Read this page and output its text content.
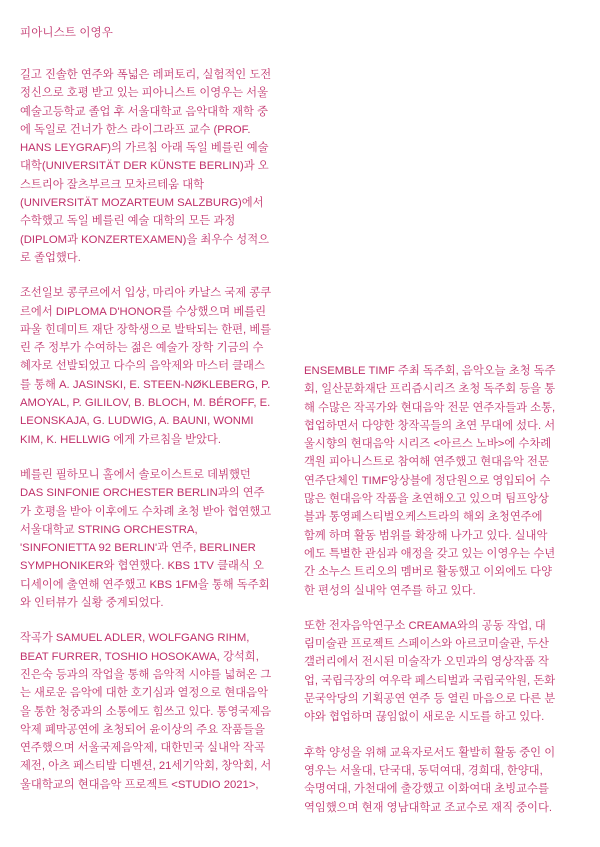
피아니스트 이영우

길고 진솔한 연주와 폭넓은 레퍼토리, 실험적인 도전 정신으로 호평 받고 있는 피아니스트 이영우는 서울예술고등학교 졸업 후 서울대학교 음악대학 재학 중에 독일로 건너가 한스 라이그라프 교수 (PROF. HANS LEYGRAF)의 가르침 아래 독일 베를린 예술 대학(UNIVERSITÄT DER KÜNSTE BERLIN)과 오스트리아 잘츠부르크 모차르테움 대학 (UNIVERSITÄT MOZARTEUM SALZBURG)에서 수학했고 독일 베를린 예술 대학의 모든 과정(DIPLOM과 KONZERTEXAMEN)을 최우수 성적으로 졸업했다.

조선일보 콩쿠르에서 입상, 마리아 카날스 국제 콩쿠르에서 DIPLOMA D'HONOR를 수상했으며 베를린 파울 힌데미트 재단 장학생으로 발탁되는 한편, 베를린 주 정부가 수여하는 젊은 예술가 장학 기금의 수혜자로 선발되었고 다수의 음악제와 마스터 클래스를 통해 A. JASINSKI, E. STEEN-NØKLEBERG, P. AMOYAL, P. GILILOV, B. BLOCH, M. BÉROFF, E. LEONSKAJA, G. LUDWIG, A. BAUNI, WONMI KIM, K. HELLWIG 에게 가르침을 받았다.

베를린 필하모니 홀에서 솔로이스트로 데뷔했던 DAS SINFONIE ORCHESTER BERLIN과의 연주가 호평을 받아 이후에도 수차례 초청 받아 협연했고 서울대학교 STRING ORCHESTRA, 'SINFONIETTA 92 BERLIN'과 연주, BERLINER SYMPHONIKER와 협연했다. KBS 1TV 클래식 오디세이에 출연해 연주했고 KBS 1FM을 통해 독주회와 인터뷰가 실황 중계되었다.

작곡가 SAMUEL ADLER, WOLFGANG RIHM, BEAT FURRER, TOSHIO HOSOKAWA, 강석희, 진은숙 등과의 작업을 통해 음악적 시야를 넓혀온 그는 새로운 음악에 대한 호기심과 열정으로 현대음악을 통한 청중과의 소통에도 힘쓰고 있다. 통영국제음악제 폐막공연에 초청되어 윤이상의 주요 작품들을 연주했으며 서울국제음악제, 대한민국 실내악 작곡제전, 아츠 페스티발 디벤션, 21세기악회, 창악회, 서울대학교의 현대음악 프로젝트 <STUDIO 2021>,

ENSEMBLE TIMF 주최 독주회, 음악오늘 초청 독주회, 일산문화재단 프리즘시리즈 초청 독주회 등을 통해 수많은 작곡가와 현대음악 전문 연주자들과 소통, 협업하면서 다양한 창작곡들의 초연 무대에 섰다. 서울시향의 현대음악 시리즈 <아르스 노바>에 수차례 객원 피아니스트로 참여해 연주했고 현대음악 전문연주단체인 TIMF앙상블에 정단원으로 영입되어 수많은 현대음악 작품을 초연해오고 있으며 팀프앙상블과 통영페스티벌오케스트라의 해외 초청연주에 함께 하며 활동 범위를 확장해 나가고 있다. 실내악에도 특별한 관심과 애정을 갖고 있는 이영우는 수년간 소누스 트리오의 멤버로 활동했고 이외에도 다양한 편성의 실내악 연주를 하고 있다.

또한 전자음악연구소 CREAMA와의 공동 작업, 대림미술관 프로젝트 스페이스와 아르코미술관, 두산갤러리에서 전시된 미술작가 오민과의 영상작품 작업, 국립극장의 여우락 페스티벌과 국립국악원, 돈화문국악당의 기획공연 연주 등 열린 마음으로 다른 분야와 협업하며 끊임없이 새로운 시도를 하고 있다.

후학 양성을 위해 교육자로서도 활발히 활동 중인 이영우는 서울대, 단국대, 동덕여대, 경희대, 한양대, 숙명여대, 가천대에 출강했고 이화여대 초빙교수를 역임했으며 현재 영남대학교 조교수로 재직 중이다.
